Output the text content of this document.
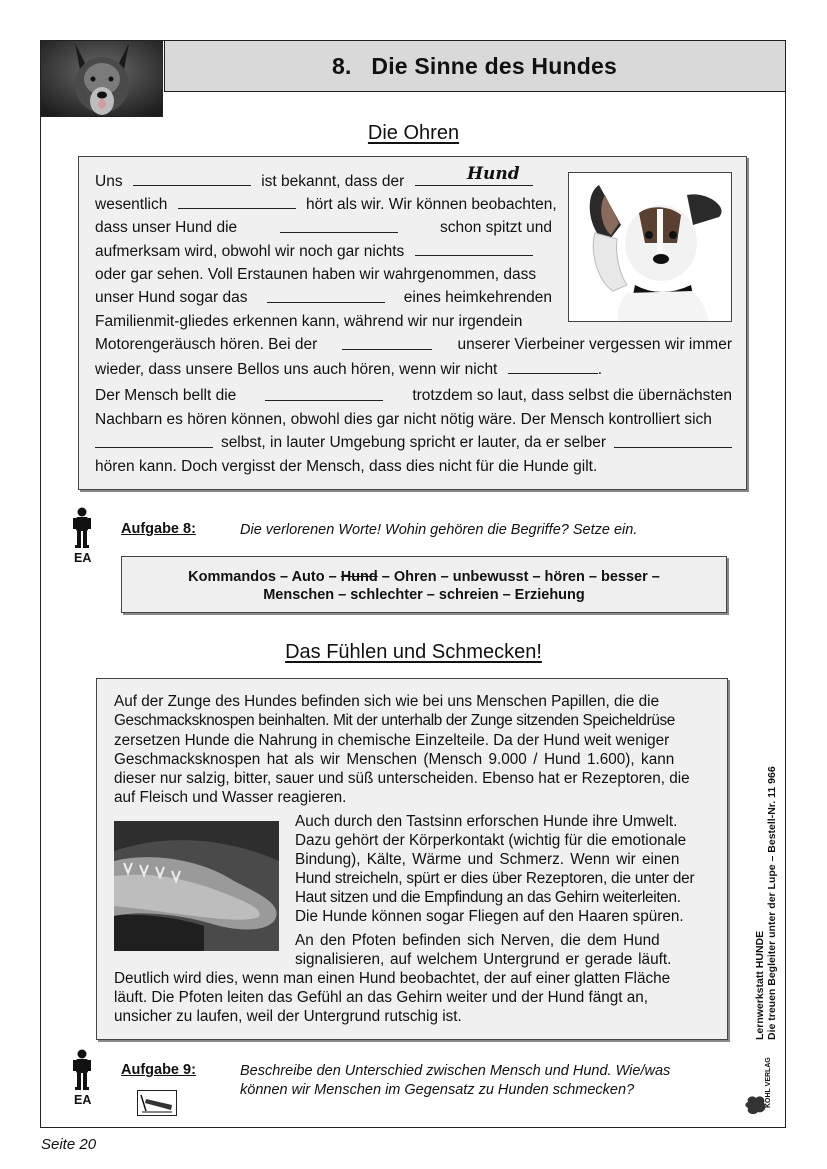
8. Die Sinne des Hundes
Die Ohren
Hund
Uns	ist bekannt, dass der
wesentlich	hört als wir. Wir können beobachten,
dass unser Hund die	schon spitzt und
aufmerksam wird, obwohl wir noch gar nichts
oder gar sehen. Voll Erstaunen haben wir wahrgenommen, dass
unser Hund sogar das	eines heimkehrenden
Familienmit-gliedes erkennen kann, während wir nur irgendein
Motorengeräusch hören. Bei der	unserer Vierbeiner vergessen wir immer
wieder, dass unsere Bellos uns auch hören, wenn wir nicht	.
Der Mensch bellt die	trotzdem so laut, dass selbst die übernächsten
Nachbarn es hören können, obwohl dies gar nicht nötig wäre. Der Mensch kontrolliert sich
selbst, in lauter Umgebung spricht er lauter, da er selber
hören kann. Doch vergisst der Mensch, dass dies nicht für die Hunde gilt.
EA
Aufgabe 8:	Die verlorenen Worte! Wohin gehören die Begriffe? Setze ein.
Kommandos – Auto – Hund – Ohren – unbewusst – hören – besser –
Menschen – schlechter – schreien – Erziehung
Das Fühlen und Schmecken!
Auf der Zunge des Hundes befinden sich wie bei uns Menschen Papillen, die die
Geschmacksknospen beinhalten. Mit der unterhalb der Zunge sitzenden Speicheldrüse
zersetzen Hunde die Nahrung in chemische Einzelteile. Da der Hund weit weniger
Geschmacksknospen hat als wir Menschen (Mensch 9.000 / Hund 1.600), kann
dieser nur salzig, bitter, sauer und süß unterscheiden. Ebenso hat er Rezeptoren, die
auf Fleisch und Wasser reagieren.
Auch durch den Tastsinn erforschen Hunde ihre Umwelt.
Dazu gehört der Körperkontakt (wichtig für die emotionale
Bindung), Kälte, Wärme und Schmerz. Wenn wir einen
Hund streicheln, spürt er dies über Rezeptoren, die unter der
Haut sitzen und die Empfindung an das Gehirn weiterleiten.
Die Hunde können sogar Fliegen auf den Haaren spüren.
An den Pfoten befinden sich Nerven, die dem Hund
signalisieren, auf welchem Untergrund er gerade läuft.
Deutlich wird dies, wenn man einen Hund beobachtet, der auf einer glatten Fläche
läuft. Die Pfoten leiten das Gefühl an das Gehirn weiter und der Hund fängt an,
unsicher zu laufen, weil der Untergrund rutschig ist.
EA
Aufgabe 9:	Beschreibe den Unterschied zwischen Mensch und Hund. Wie/was
können wir Menschen im Gegensatz zu Hunden schmecken?
Lernwerkstatt HUNDE Die treuen Begleiter unter der Lupe – Bestell-Nr. 11 966
KOHL VERLAG
Seite 20
